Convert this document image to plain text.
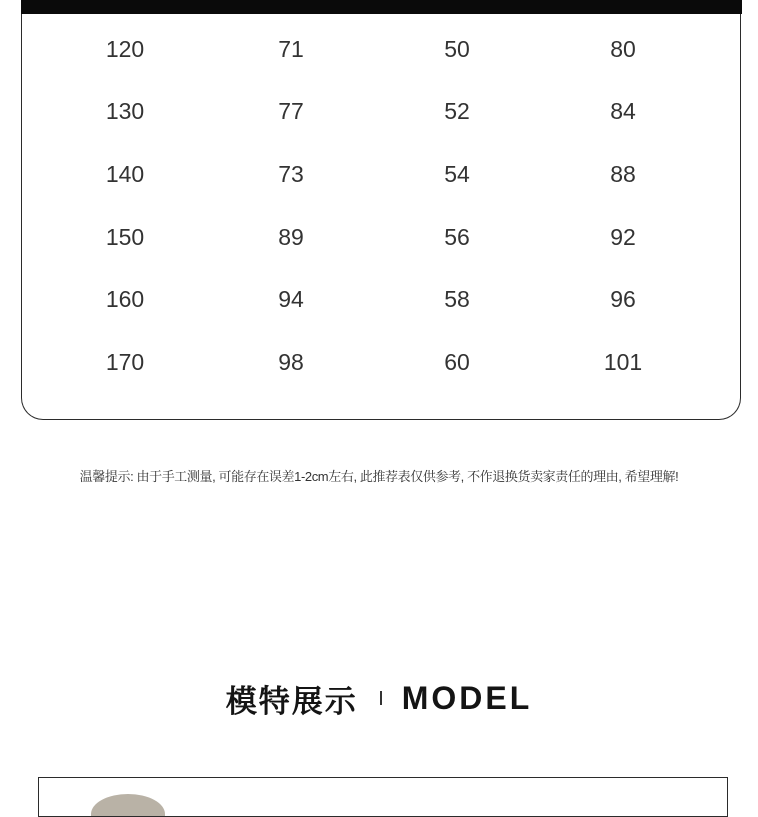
120	71	50	80
130	77	52	84
140	73	54	88
150	89	56	92
160	94	58	96
170	98	60	101
温馨提示: 由于手工测量, 可能存在误差1-2cm左右, 此推荐表仅供参考, 不作退换货卖家责任的理由, 希望理解!
模特展示 MODEL
